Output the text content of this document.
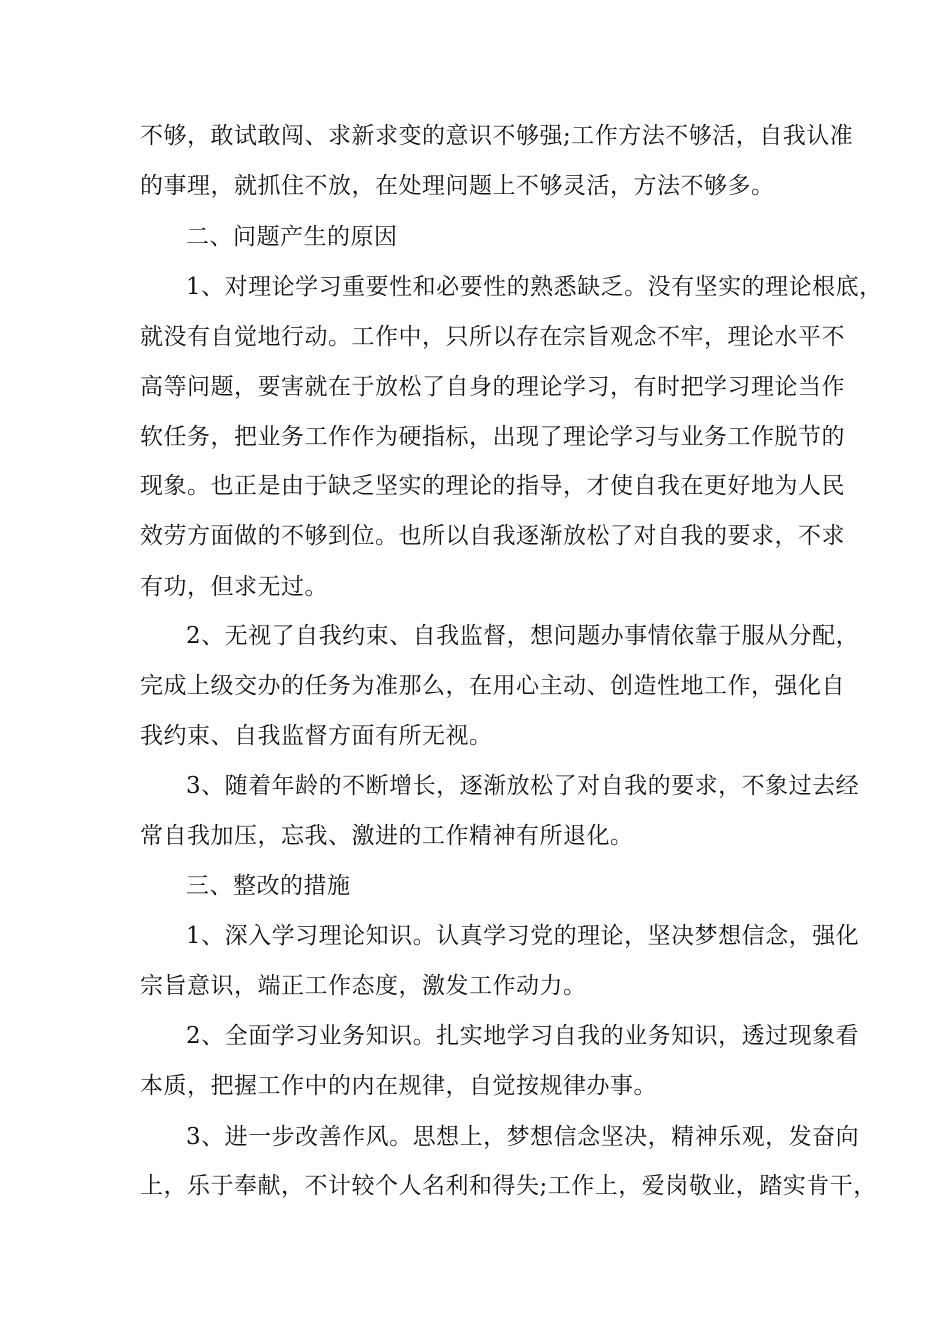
不够，敢试敢闯、求新求变的意识不够强;工作方法不够活，自我认准
的事理，就抓住不放，在处理问题上不够灵活，方法不够多。
二、问题产生的原因
1、对理论学习重要性和必要性的熟悉缺乏。没有坚实的理论根底，
就没有自觉地行动。工作中，只所以存在宗旨观念不牢，理论水平不
高等问题，要害就在于放松了自身的理论学习，有时把学习理论当作
软任务，把业务工作作为硬指标，出现了理论学习与业务工作脱节的
现象。也正是由于缺乏坚实的理论的指导，才使自我在更好地为人民
效劳方面做的不够到位。也所以自我逐渐放松了对自我的要求，不求
有功，但求无过。
2、无视了自我约束、自我监督，想问题办事情依靠于服从分配，
完成上级交办的任务为准那么，在用心主动、创造性地工作，强化自
我约束、自我监督方面有所无视。
3、随着年龄的不断增长，逐渐放松了对自我的要求，不象过去经
常自我加压，忘我、激进的工作精神有所退化。
三、整改的措施
1、深入学习理论知识。认真学习党的理论，坚决梦想信念，强化
宗旨意识，端正工作态度，激发工作动力。
2、全面学习业务知识。扎实地学习自我的业务知识，透过现象看
本质，把握工作中的内在规律，自觉按规律办事。
3、进一步改善作风。思想上，梦想信念坚决，精神乐观，发奋向
上，乐于奉献，不计较个人名利和得失;工作上，爱岗敬业，踏实肯干，
